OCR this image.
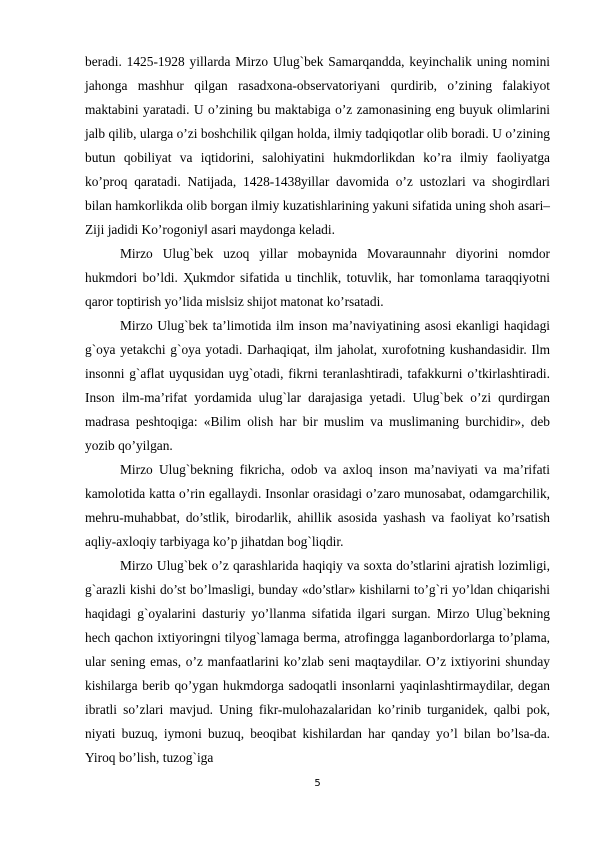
beradi. 1425-1928 yillarda Mirzo Ulug`bek Samarqandda, keyinchalik uning nomini jahonga mashhur qilgan rasadxona-observatoriyani qurdirib, o’zining falakiyot maktabini yaratadi. U o’zining bu maktabiga o’z zamonasining eng buyuk olimlarini jalb qilib, ularga o’zi boshchilik qilgan holda, ilmiy tadqiqotlar olib boradi. U o’zining butun qobiliyat va iqtidorini, salohiyatini hukmdorlikdan ko’ra ilmiy faoliyatga ko’proq qaratadi. Natijada, 1428-1438yillar davomida o’z ustozlari va shogirdlari bilan hamkorlikda olib borgan ilmiy kuzatishlarining yakuni sifatida uning shoh asari–Ziji jadidi Ko’rogoniy‖ asari maydonga keladi.

Mirzo Ulug`bek uzoq yillar mobaynida Movaraunnahr diyorini nomdor hukmdori bo’ldi. Ҳukmdor sifatida u tinchlik, totuvlik, har tomonlama taraqqiyotni qaror toptirish yo’lida mislsiz shijot matonat ko’rsatadi.

Mirzo Ulug`bek ta’limotida ilm inson ma’naviyatining asosi ekanligi haqidagi g`oya yetakchi g`oya yotadi. Darhaqiqat, ilm jaholat, xurofotning kushandasidir. Ilm insonni g`aflat uyqusidan uyg`otadi, fikrni teranlashtiradi, tafakkurni o’tkirlashtiradi. Inson ilm-ma’rifat yordamida ulug`lar darajasiga yetadi. Ulug`bek o’zi qurdirgan madrasa peshtoqiga: «Bilim olish har bir muslim va muslimaning burchidir», deb yozib qo’yilgan.

Mirzo Ulug`bekning fikricha, odob va axloq inson ma’naviyati va ma’rifati kamolotida katta o’rin egallaydi. Insonlar orasidagi o’zaro munosabat, odamgarchilik, mehru-muhabbat, do’stlik, birodarlik, ahillik asosida yashash va faoliyat ko’rsatish aqliy-axloqiy tarbiyaga ko’p jihatdan bog`liqdir.

Mirzo Ulug`bek o’z qarashlarida haqiqiy va soxta do’stlarini ajratish lozimligi, g`arazli kishi do’st bo’lmasligi, bunday «do’stlar» kishilarni to’g`ri yo’ldan chiqarishi haqidagi g`oyalarini dasturiy yo’llanma sifatida ilgari surgan. Mirzo Ulug`bekning hech qachon ixtiyoringni tilyog`lamaga berma, atrofingga laganbordorlarga to’plama, ular sening emas, o’z manfaatlarini ko’zlab seni maqtaydilar. O’z ixtiyorini shunday kishilarga berib qo’ygan hukmdorga sadoqatli insonlarni yaqinlashtirmaydilar, degan ibratli so’zlari mavjud. Uning fikr-mulohazalaridan ko’rinib turganidek, qalbi pok, niyati buzuq, iymoni buzuq, beoqibat kishilardan har qanday yo’l bilan bo’lsa-da. Yiroq bo’lish, tuzog`iga

5
